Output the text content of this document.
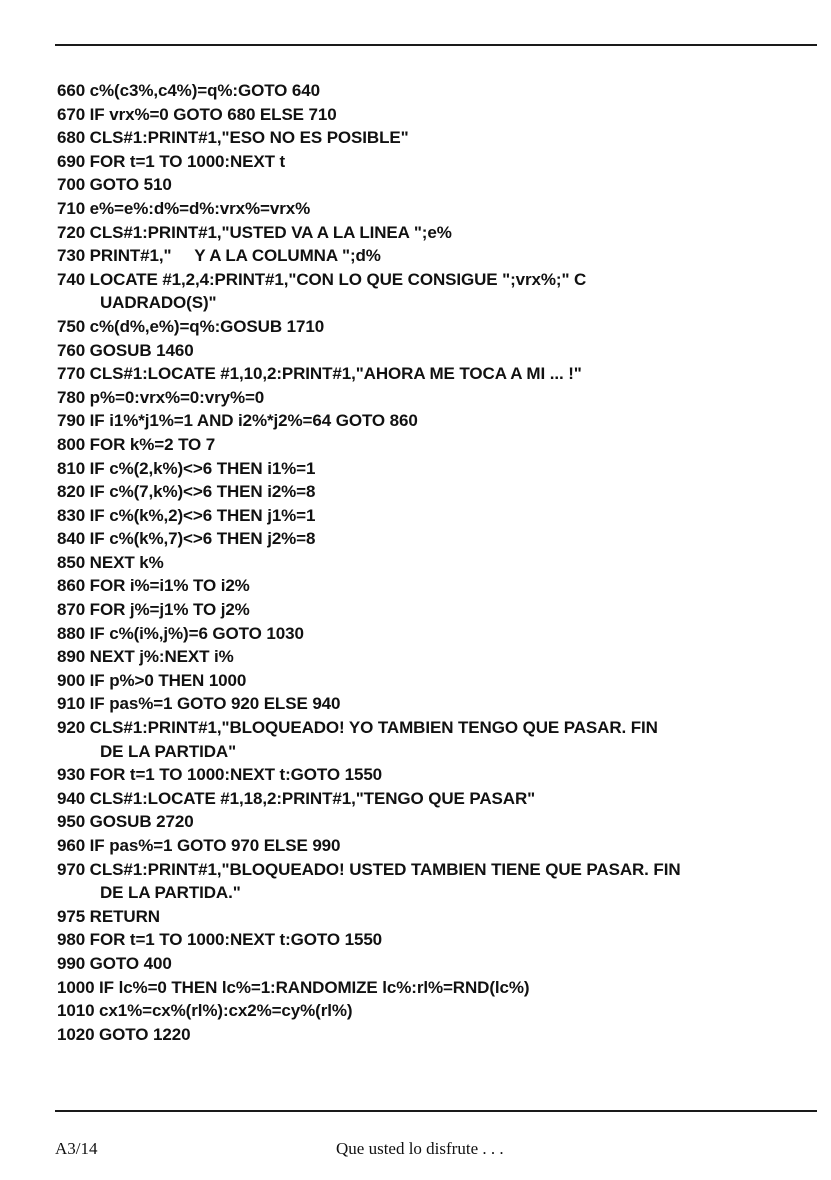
660 c%(c3%,c4%)=q%:GOTO 640
670 IF vrx%=0 GOTO 680 ELSE 710
680 CLS#1:PRINT#1,"ESO NO ES POSIBLE"
690 FOR t=1 TO 1000:NEXT t
700 GOTO 510
710 e%=e%:d%=d%:vrx%=vrx%
720 CLS#1:PRINT#1,"USTED VA A LA LINEA ";e%
730 PRINT#1,"     Y A LA COLUMNA ";d%
740 LOCATE #1,2,4:PRINT#1,"CON LO QUE CONSIGUE ";vrx%;" C
UADRADO(S)"
750 c%(d%,e%)=q%:GOSUB 1710
760 GOSUB 1460
770 CLS#1:LOCATE #1,10,2:PRINT#1,"AHORA ME TOCA A MI ... !"
780 p%=0:vrx%=0:vry%=0
790 IF i1%*j1%=1 AND i2%*j2%=64 GOTO 860
800 FOR k%=2 TO 7
810 IF c%(2,k%)<>6 THEN i1%=1
820 IF c%(7,k%)<>6 THEN i2%=8
830 IF c%(k%,2)<>6 THEN j1%=1
840 IF c%(k%,7)<>6 THEN j2%=8
850 NEXT k%
860 FOR i%=i1% TO i2%
870 FOR j%=j1% TO j2%
880 IF c%(i%,j%)=6 GOTO 1030
890 NEXT j%:NEXT i%
900 IF p%>0 THEN 1000
910 IF pas%=1 GOTO 920 ELSE 940
920 CLS#1:PRINT#1,"BLOQUEADO! YO TAMBIEN TENGO QUE PASAR. FIN
DE LA PARTIDA"
930 FOR t=1 TO 1000:NEXT t:GOTO 1550
940 CLS#1:LOCATE #1,18,2:PRINT#1,"TENGO QUE PASAR"
950 GOSUB 2720
960 IF pas%=1 GOTO 970 ELSE 990
970 CLS#1:PRINT#1,"BLOQUEADO! USTED TAMBIEN TIENE QUE PASAR. FIN
DE LA PARTIDA."
975 RETURN
980 FOR t=1 TO 1000:NEXT t:GOTO 1550
990 GOTO 400
1000 IF lc%=0 THEN lc%=1:RANDOMIZE lc%:rl%=RND(lc%)
1010 cx1%=cx%(rl%):cx2%=cy%(rl%)
1020 GOTO 1220
A3/14	Que usted lo disfrute . . .
